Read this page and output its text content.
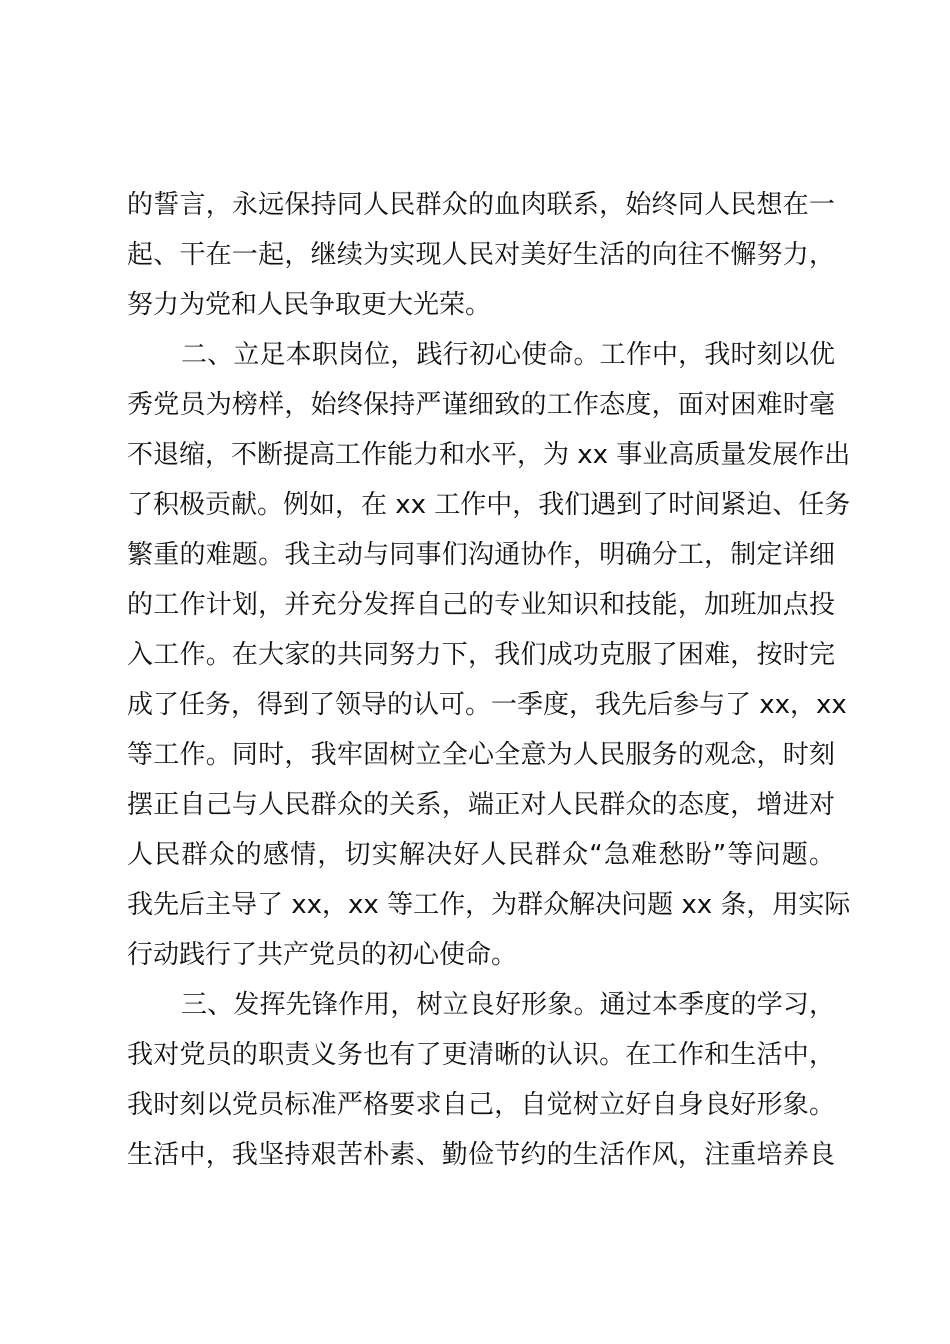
的誓言，永远保持同人民群众的血肉联系，始终同人民想在一
起、干在一起，继续为实现人民对美好生活的向往不懈努力，
努力为党和人民争取更大光荣。
二、立足本职岗位，践行初心使命。工作中，我时刻以优
秀党员为榜样，始终保持严谨细致的工作态度，面对困难时毫
不退缩，不断提高工作能力和水平，为 xx 事业高质量发展作出
了积极贡献。例如，在 xx 工作中，我们遇到了时间紧迫、任务
繁重的难题。我主动与同事们沟通协作，明确分工，制定详细
的工作计划，并充分发挥自己的专业知识和技能，加班加点投
入工作。在大家的共同努力下，我们成功克服了困难，按时完
成了任务，得到了领导的认可。一季度，我先后参与了 xx，xx
等工作。同时，我牢固树立全心全意为人民服务的观念，时刻
摆正自己与人民群众的关系，端正对人民群众的态度，增进对
人民群众的感情，切实解决好人民群众“急难愁盼”等问题。
我先后主导了 xx，xx 等工作，为群众解决问题 xx 条，用实际
行动践行了共产党员的初心使命。
三、发挥先锋作用，树立良好形象。通过本季度的学习，
我对党员的职责义务也有了更清晰的认识。在工作和生活中，
我时刻以党员标准严格要求自己，自觉树立好自身良好形象。
生活中，我坚持艰苦朴素、勤俭节约的生活作风，注重培养良
